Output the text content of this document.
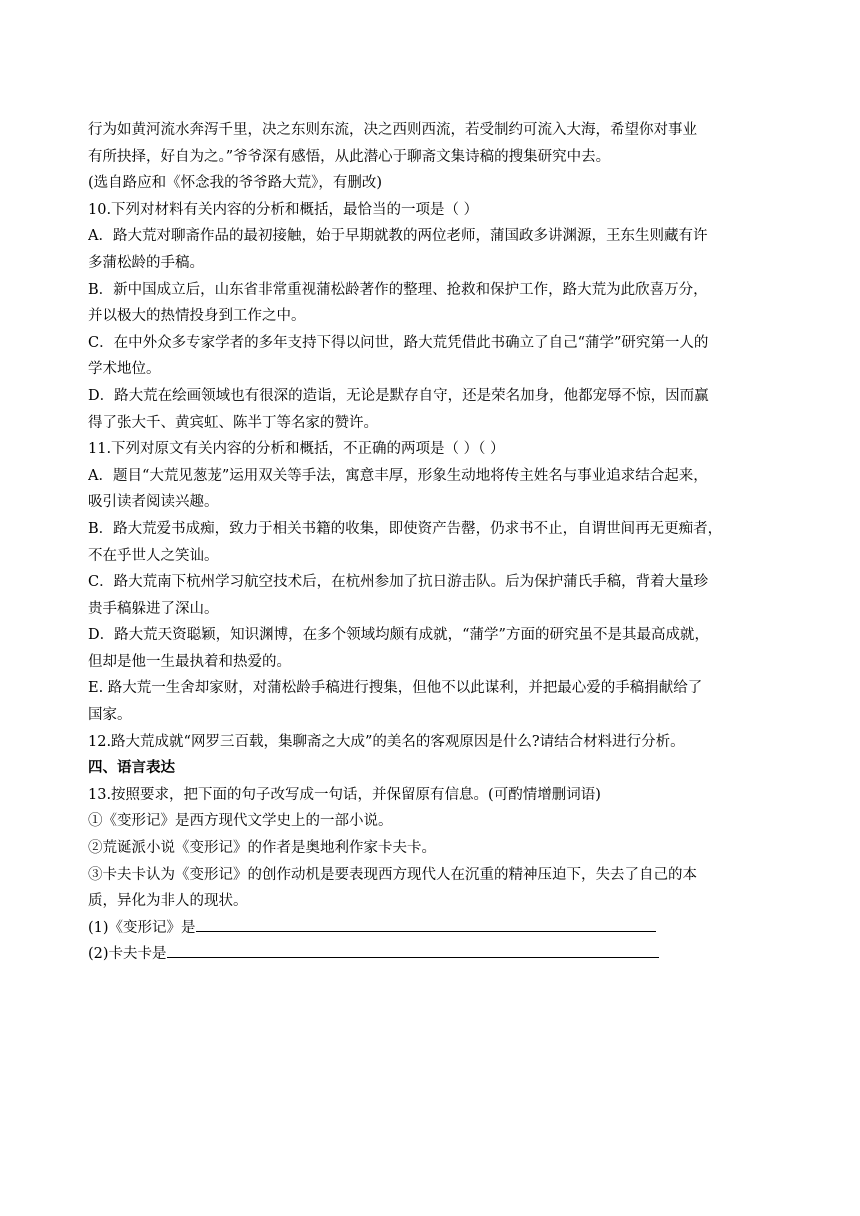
行为如黄河流水奔泻千里，决之东则东流，决之西则西流，若受制约可流入大海，希望你对事业
有所抉择，好自为之。”爷爷深有感悟，从此潜心于聊斋文集诗稿的搜集研究中去。
(选自路应和《怀念我的爷爷路大荒》，有删改)
10.下列对材料有关内容的分析和概括，最恰当的一项是（ ）
A．路大荒对聊斋作品的最初接触，始于早期就教的两位老师，蒲国政多讲渊源，王东生则藏有许
多蒲松龄的手稿。
B．新中国成立后，山东省非常重视蒲松龄著作的整理、抢救和保护工作，路大荒为此欣喜万分，
并以极大的热情投身到工作之中。
C．在中外众多专家学者的多年支持下得以问世，路大荒凭借此书确立了自己“蒲学”研究第一人的
学术地位。
D．路大荒在绘画领域也有很深的造诣，无论是默存自守，还是荣名加身，他都宠辱不惊，因而赢
得了张大千、黄宾虹、陈半丁等名家的赞许。
11.下列对原文有关内容的分析和概括，不正确的两项是（ ）（ ）
A．题目“大荒见葱茏”运用双关等手法，寓意丰厚，形象生动地将传主姓名与事业追求结合起来，
吸引读者阅读兴趣。
B．路大荒爱书成痴，致力于相关书籍的收集，即使资产告罄，仍求书不止，自谓世间再无更痴者，
不在乎世人之笑讪。
C．路大荒南下杭州学习航空技术后，在杭州参加了抗日游击队。后为保护蒲氏手稿，背着大量珍
贵手稿躲进了深山。
D．路大荒天资聪颖，知识渊博，在多个领域均颇有成就，“蒲学”方面的研究虽不是其最高成就，
但却是他一生最执着和热爱的。
E. 路大荒一生舍却家财，对蒲松龄手稿进行搜集，但他不以此谋利，并把最心爱的手稿捐献给了
国家。
12.路大荒成就“网罗三百载，集聊斋之大成”的美名的客观原因是什么?请结合材料进行分析。
四、语言表达
13.按照要求，把下面的句子改写成一句话，并保留原有信息。(可酌情增删词语)
①《变形记》是西方现代文学史上的一部小说。
②荒诞派小说《变形记》的作者是奥地利作家卡夫卡。
③卡夫卡认为《变形记》的创作动机是要表现西方现代人在沉重的精神压迫下，失去了自己的本
质，异化为非人的现状。
(1)《变形记》是
(2)卡夫卡是
